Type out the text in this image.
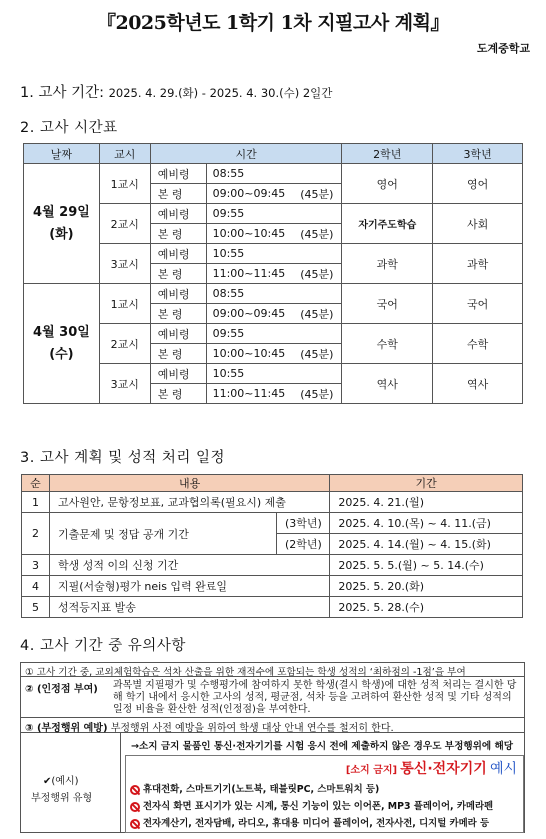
『2025학년도 1학기 1차 지필고사 계획』
도계중학교
1. 고사 기간: 2025. 4. 29.(화) - 2025. 4. 30.(수) 2일간
2. 고사 시간표
날짜	교시	시간		2학년	3학년

4월 29일
(화)	1교시	예비령	08:55	영어	영어
		본 령	09:00~09:45 (45분)		

	2교시	예비령	09:55	자기주도학습	사회
		본 령	10:00~10:45 (45분)		

	3교시	예비령	10:55	과학	과학
		본 령	11:00~11:45 (45분)		

4월 30일
(수)	1교시	예비령	08:55	국어	국어
		본 령	09:00~09:45 (45분)		

	2교시	예비령	09:55	수학	수학
		본 령	10:00~10:45 (45분)		

	3교시	예비령	10:55	역사	역사
		본 령	11:00~11:45 (45분)		
3. 고사 계획 및 성적 처리 일정
순	내용		기간
1	고사원안, 문항정보표, 교과협의록(필요시) 제출		2025. 4. 21.(월)
2	기출문제 및 정답 공개 기간	(3학년)	2025. 4. 10.(목) ~ 4. 11.(금)
		(2학년)	2025. 4. 14.(월) ~ 4. 15.(화)
3	학생 성적 이의 신청 기간		2025. 5. 5.(월) ~ 5. 14.(수)
4	지필(서술형)평가 neis 입력 완료일		2025. 5. 20.(화)
5	성적등지표 발송		2025. 5. 28.(수)
4. 고사 기간 중 유의사항
① 고사 기간 중, 교외체험학습은 석차 산출을 위한 재적수에 포함되는 학생 성적의 ‘최하점의 -1점’을 부여
② (인정점 부여) 과목별 지필평가 및 수행평가에 참여하지 못한 학생(결시 학생)에 대한 성적 처리는 결시한 당해 학기 내에서 응시한 고사의 성적, 평균점, 석차 등을 고려하여 환산한 성적 및 기타 성적의 일정 비율을 환산한 성적(인정점)을 부여한다.
③ (부정행위 예방) 부정행위 사전 예방을 위하여 학생 대상 안내 연수를 철저히 한다.
✔(예시)
부정행위 유형
→소지 금지 물품인 통신·전자기기를 시험 응시 전에 제출하지 않은 경우도 부정행위에 해당
[소지 금지] 통신·전자기기 예시
휴대전화, 스마트기기(노트북, 태블릿PC, 스마트워치 등)
전자식 화면 표시기가 있는 시계, 통신 기능이 있는 이어폰, MP3 플레이어, 카메라펜
전자계산기, 전자담배, 라디오, 휴대용 미디어 플레이어, 전자사전, 디지털 카메라 등
